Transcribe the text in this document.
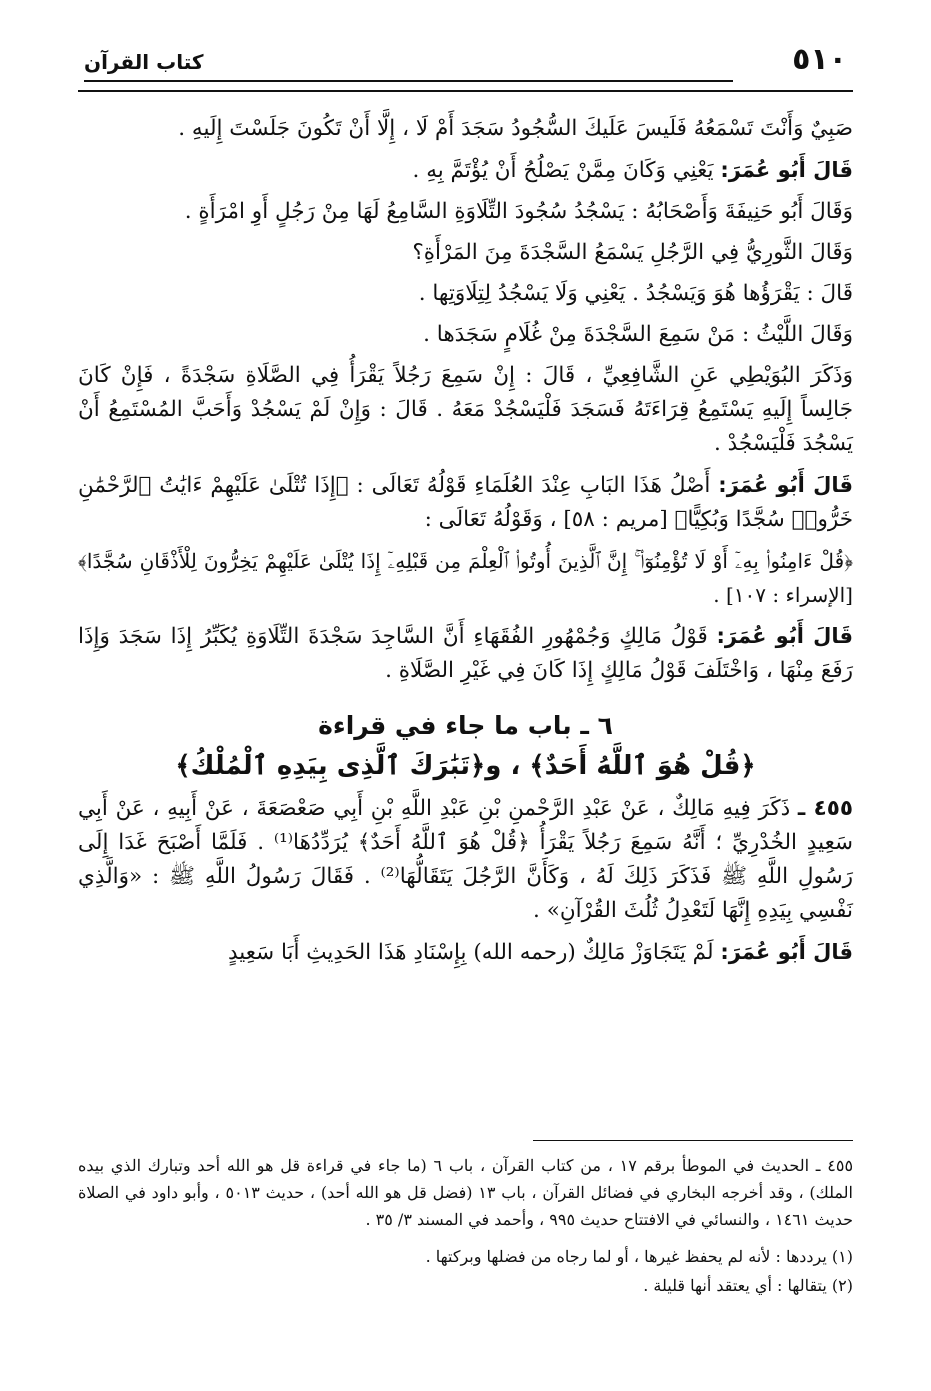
٥١٠
كتاب القرآن

صَبِيٌ وَأَنْتَ تَسْمَعُهُ فَلَيسَ عَلَيكَ السُّجُودُ سَجَدَ أَمْ لَا ، إِلَّا أَنْ تَكُونَ جَلَسْتَ إِلَيهِ .

قَالَ أَبُو عُمَرَ: يَعْنِي وَكَانَ مِمَّنْ يَصْلُحُ أَنْ يُؤْتَمَّ بِهِ .

وَقَالَ أَبُو حَنِيفَةَ وَأَصْحَابُهُ : يَسْجُدُ سُجُودَ التِّلَاوَةِ السَّامِعُ لَهَا مِنْ رَجُلٍ أَوِ امْرَأَةٍ .

وَقَالَ الثَّورِيُّ فِي الرَّجُلِ يَسْمَعُ السَّجْدَةَ مِنَ المَرْأَةِ؟

قَالَ : يَقْرَؤُها هُوَ وَيَسْجُدُ . يَعْنِي وَلَا يَسْجُدُ لِتِلَاوَتِها .

وَقَالَ اللَّيْثُ : مَنْ سَمِعَ السَّجْدَةَ مِنْ غُلَامٍ سَجَدَها .

وَذَكَرَ البُوَيْطِي عَنِ الشَّافِعِيِّ ، قَالَ : إِنْ سَمِعَ رَجُلاً يَقْرَأُ فِي الصَّلَاةِ سَجْدَةً ، فَإِنْ كَانَ جَالِساً إِلَيهِ يَسْتَمِعُ قِرَاءَتَهُ فَسَجَدَ فَلْيَسْجُدْ مَعَهُ . قَالَ : وَإِنْ لَمْ يَسْجُدْ وَأَحَبَّ المُسْتَمِعُ أَنْ يَسْجُدَ فَلْيَسْجُدْ .

قَالَ أَبُو عُمَرَ: أَصْلُ هَذَا البَابِ عِنْدَ العُلَمَاءِ قَوْلُهُ تَعَالَى : ﴿إِذَا تُتْلَىٰ عَلَيْهِمْ ءَايَٰتُ ٱلرَّحْمَٰنِ خَرُّوا۟ سُجَّدًا وَبُكِيًّا﴾ [مريم : ٥٨] ، وَقَوْلُهُ تَعَالَى :

﴿قُلْ ءَامِنُوا۟ بِهِۦٓ أَوْ لَا تُؤْمِنُوٓا۟ ۚ إِنَّ ٱلَّذِينَ أُوتُوا۟ ٱلْعِلْمَ مِن قَبْلِهِۦٓ إِذَا يُتْلَىٰ عَلَيْهِمْ يَخِرُّونَ لِلْأَذْقَانِ سُجَّدًا﴾ [الإسراء : ١٠٧] .

قَالَ أَبُو عُمَرَ: قَوْلُ مَالِكٍ وَجُمْهُورِ الفُقَهَاءِ أَنَّ السَّاجِدَ سَجْدَةَ التِّلَاوَةِ يُكَبِّرُ إِذَا سَجَدَ وَإِذَا رَفَعَ مِنْهَا ، وَاخْتَلَفَ قَوْلُ مَالِكٍ إِذَا كَانَ فِي غَيْرِ الصَّلَاةِ .

٦ ـ باب ما جاء في قراءة
﴿قُلْ هُوَ ٱللَّهُ أَحَدٌ﴾ ، و﴿تَبَٰرَكَ ٱلَّذِى بِيَدِهِ ٱلْمُلْكُ﴾

٤٥٥ ـ ذَكَرَ فِيهِ مَالِكٌ ، عَنْ عَبْدِ الرَّحْمنِ بْنِ عَبْدِ اللَّهِ بْنِ أَبِي صَعْصَعَةَ ، عَنْ أَبِيهِ ، عَنْ أَبِي سَعِيدٍ الخُدْرِيِّ ؛ أَنَّهُ سَمِعَ رَجُلاً يَقْرَأُ ﴿قُلْ هُوَ ٱللَّهُ أَحَدٌ﴾ يُرَدِّدُهَا⁽¹⁾ . فَلَمَّا أَصْبَحَ غَدَا إِلَى رَسُولِ اللَّهِ ﷺ فَذَكَرَ ذَلِكَ لَهُ ، وَكَأَنَّ الرَّجُلَ يَتَقَالُّهَا⁽²⁾ . فَقَالَ رَسُولُ اللَّهِ ﷺ : «وَالَّذِي نَفْسِي بِيَدِهِ إِنَّهَا لَتَعْدِلُ ثُلُثَ القُرْآنِ» .

قَالَ أَبُو عُمَرَ: لَمْ يَتَجَاوَزْ مَالِكٌ (رحمه الله) بِإِسْنَادِ هَذَا الحَدِيثِ أَبَا سَعِيدٍ

٤٥٥ ـ الحديث في الموطأ برقم ١٧ ، من كتاب القرآن ، باب ٦ (ما جاء في قراءة قل هو الله أحد وتبارك الذي بيده الملك) ، وقد أخرجه البخاري في فضائل القرآن ، باب ١٣ (فضل قل هو الله أحد) ، حديث ٥٠١٣ ، وأبو داود في الصلاة حديث ١٤٦١ ، والنسائي في الافتتاح حديث ٩٩٥ ، وأحمد في المسند ٣/ ٣٥ .

(١) يرددها : لأنه لم يحفظ غيرها ، أو لما رجاه من فضلها وبركتها .

(٢) يتقالها : أي يعتقد أنها قليلة .
